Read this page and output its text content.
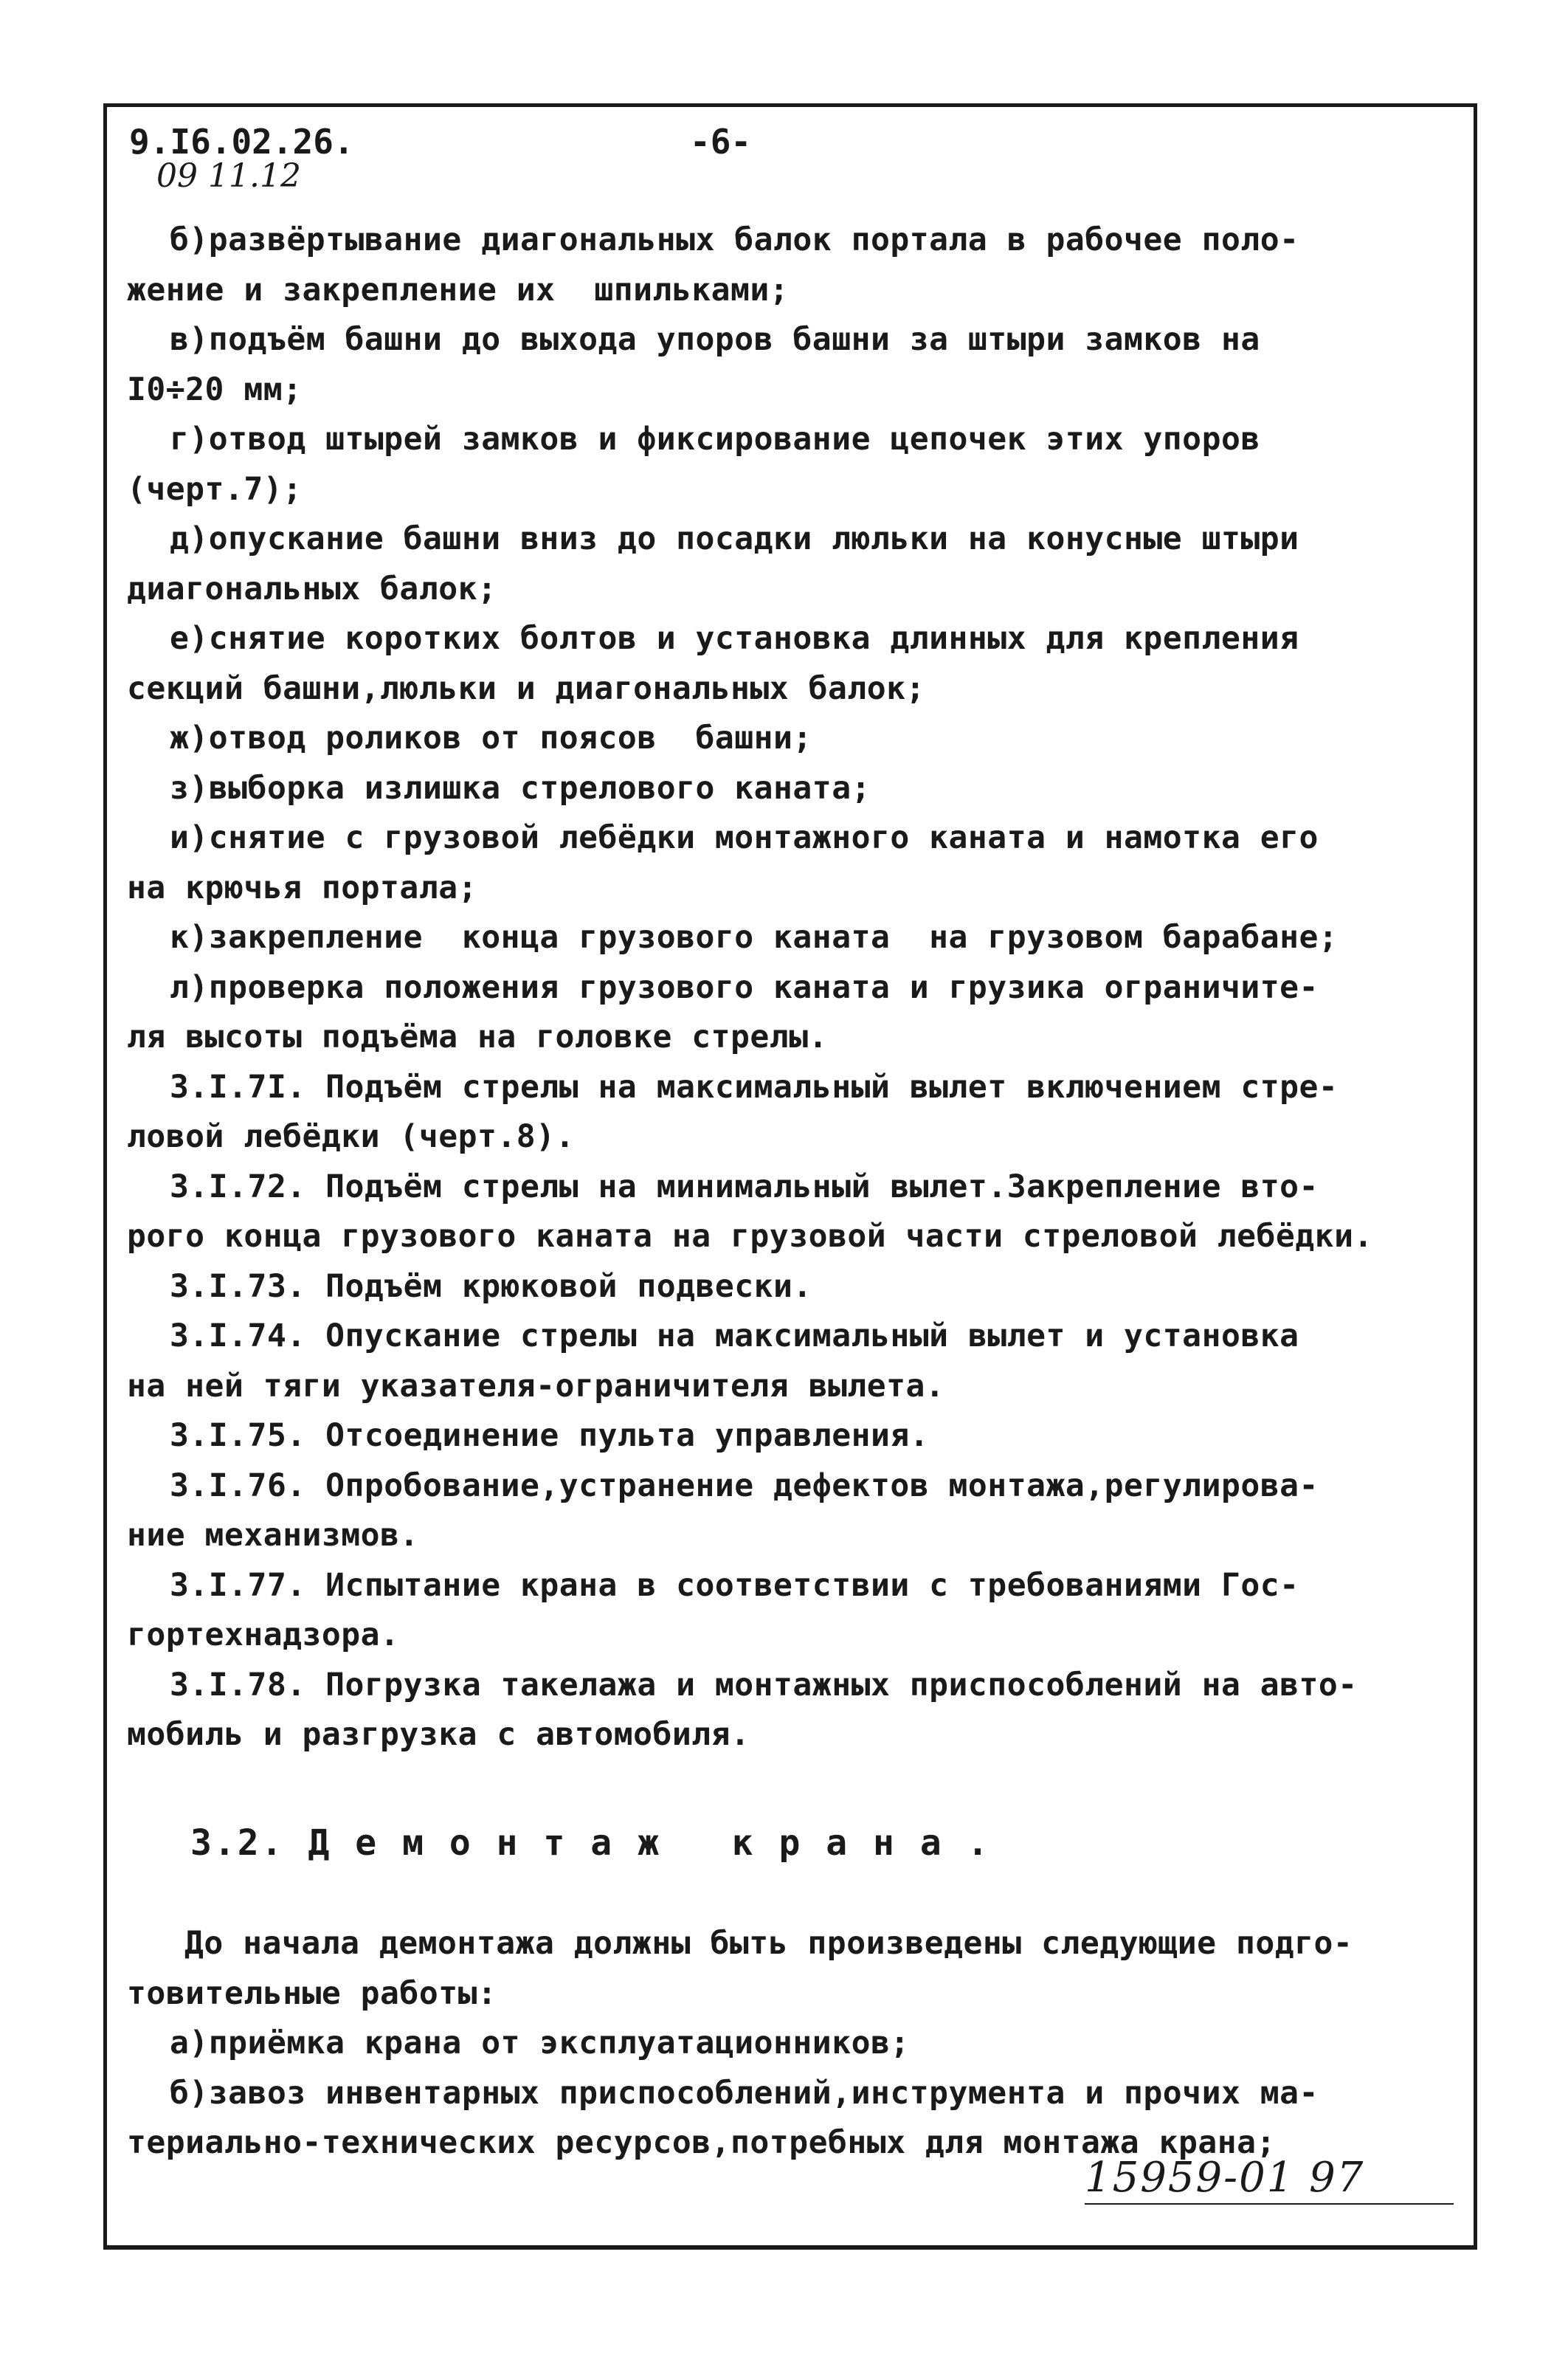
9.I6.02.26.	-6-
09 11.12
б)развёртывание диагональных балок портала в рабочее поло-
жение и закрепление их  шпильками;
в)подъём башни до выхода упоров башни за штыри замков на
I0÷20 мм;
г)отвод штырей замков и фиксирование цепочек этих упоров
(черт.7);
д)опускание башни вниз до посадки люльки на конусные штыри
диагональных балок;
е)снятие коротких болтов и установка длинных для крепления
секций башни,люльки и диагональных балок;
ж)отвод роликов от поясов  башни;
з)выборка излишка стрелового каната;
и)снятие с грузовой лебёдки монтажного каната и намотка его
на крючья портала;
к)закрепление  конца грузового каната  на грузовом барабане;
л)проверка положения грузового каната и грузика ограничите-
ля высоты подъёма на головке стрелы.
3.I.7I. Подъём стрелы на максимальный вылет включением стре-
ловой лебёдки (черт.8).
3.I.72. Подъём стрелы на минимальный вылет.Закрепление вто-
рого конца грузового каната на грузовой части стреловой лебёдки.
3.I.73. Подъём крюковой подвески.
3.I.74. Опускание стрелы на максимальный вылет и установка
на ней тяги указателя-ограничителя вылета.
3.I.75. Отсоединение пульта управления.
3.I.76. Опробование,устранение дефектов монтажа,регулирова-
ние механизмов.
3.I.77. Испытание крана в соответствии с требованиями Гос-
гортехнадзора.
3.I.78. Погрузка такелажа и монтажных приспособлений на авто-
мобиль и разгрузка с автомобиля.
3.2. Д е м о н т а ж   к р а н а .
До начала демонтажа должны быть произведены следующие подго-
товительные работы:
а)приёмка крана от эксплуатационников;
б)завоз инвентарных приспособлений,инструмента и прочих ма-
териально-технических ресурсов,потребных для монтажа крана;
15959-01 97
